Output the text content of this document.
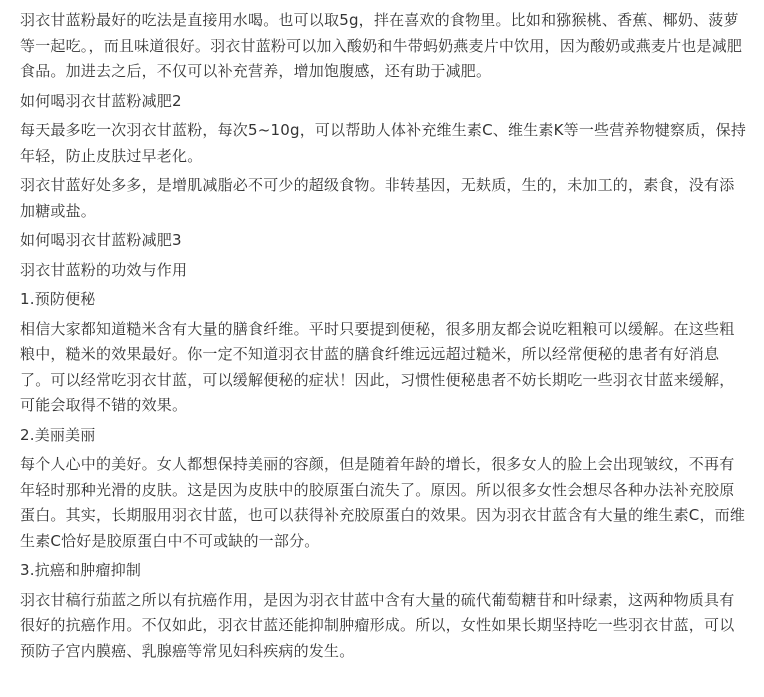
羽衣甘蓝粉最好的吃法是直接用水喝。也可以取5g，拌在喜欢的食物里。比如和猕猴桃、香蕉、椰奶、菠萝等一起吃。，而且味道很好。羽衣甘蓝粉可以加入酸奶和牛带蚂奶燕麦片中饮用，因为酸奶或燕麦片也是减肥食品。加进去之后，不仅可以补充营养，增加饱腹感，还有助于减肥。

如何喝羽衣甘蓝粉减肥2

每天最多吃一次羽衣甘蓝粉，每次5~10g，可以帮助人体补充维生素C、维生素K等一些营养物犍察质，保持年轻，防止皮肤过早老化。

羽衣甘蓝好处多多，是增肌减脂必不可少的超级食物。非转基因，无麸质，生的，未加工的，素食，没有添加糖或盐。

如何喝羽衣甘蓝粉减肥3

羽衣甘蓝粉的功效与作用

1.预防便秘

相信大家都知道糙米含有大量的膳食纤维。平时只要提到便秘，很多朋友都会说吃粗粮可以缓解。在这些粗粮中，糙米的效果最好。你一定不知道羽衣甘蓝的膳食纤维远远超过糙米，所以经常便秘的患者有好消息了。可以经常吃羽衣甘蓝，可以缓解便秘的症状！因此，习惯性便秘患者不妨长期吃一些羽衣甘蓝来缓解，可能会取得不错的效果。

2.美丽美丽

每个人心中的美好。女人都想保持美丽的容颜，但是随着年龄的增长，很多女人的脸上会出现皱纹，不再有年轻时那种光滑的皮肤。这是因为皮肤中的胶原蛋白流失了。原因。所以很多女性会想尽各种办法补充胶原蛋白。其实，长期服用羽衣甘蓝，也可以获得补充胶原蛋白的效果。因为羽衣甘蓝含有大量的维生素C，而维生素C恰好是胶原蛋白中不可或缺的一部分。

3.抗癌和肿瘤抑制

羽衣甘稿行茄蓝之所以有抗癌作用，是因为羽衣甘蓝中含有大量的硫代葡萄糖苷和叶绿素，这两种物质具有很好的抗癌作用。不仅如此，羽衣甘蓝还能抑制肿瘤形成。所以，女性如果长期坚持吃一些羽衣甘蓝，可以预防子宫内膜癌、乳腺癌等常见妇科疾病的发生。
